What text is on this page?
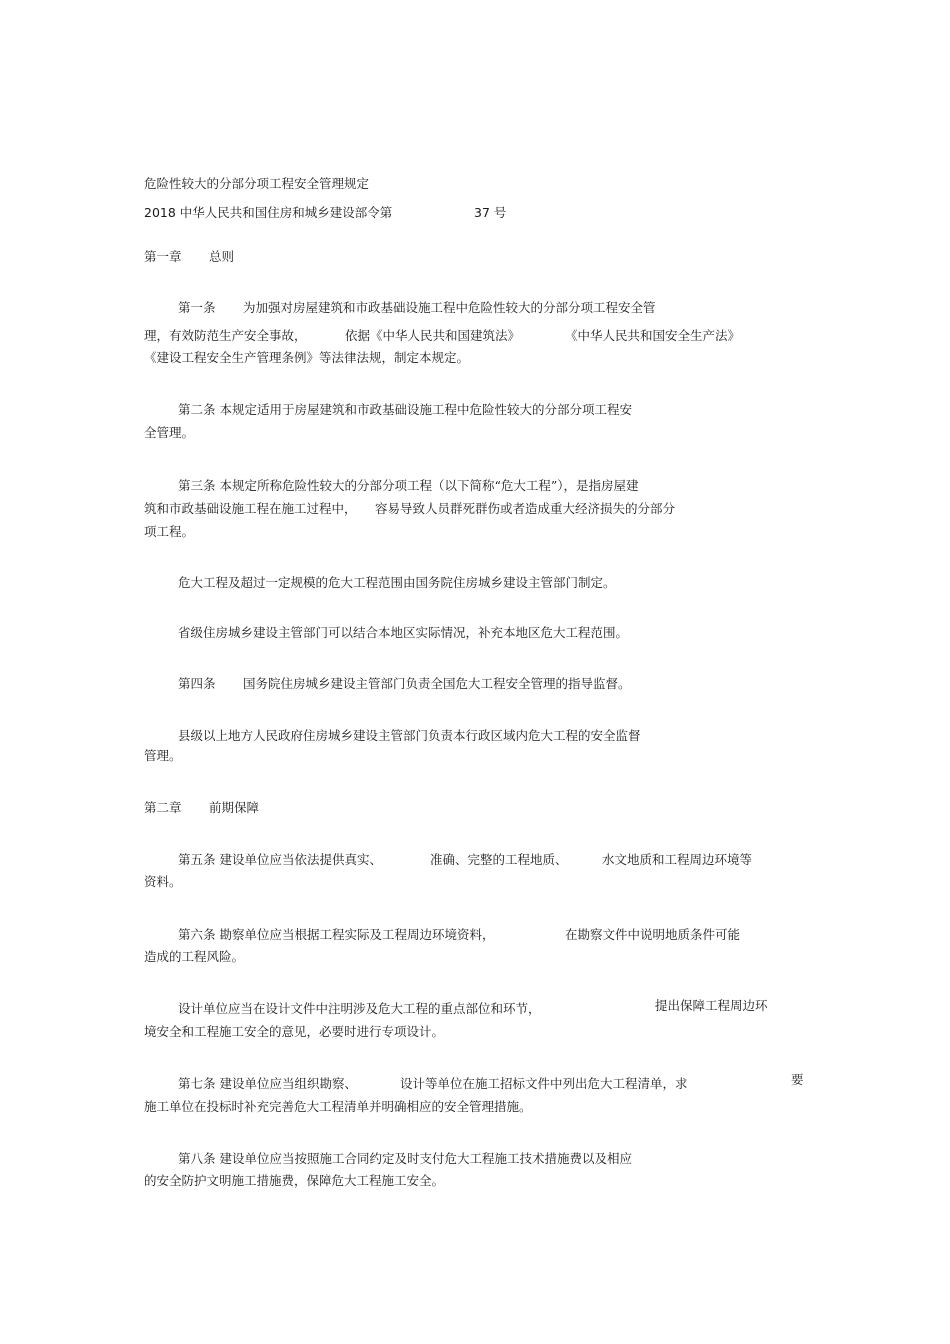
危险性较大的分部分项工程安全管理规定
2018 中华人民共和国住房和城乡建设部令第	37 号
第一章 总则
第一条 为加强对房屋建筑和市政基础设施工程中危险性较大的分部分项工程安全管
理，有效防范生产安全事故，	依据《中华人民共和国建筑法》	《中华人民共和国安全生产法》
《建设工程安全生产管理条例》等法律法规，制定本规定。
第二条 本规定适用于房屋建筑和市政基础设施工程中危险性较大的分部分项工程安
全管理。
第三条 本规定所称危险性较大的分部分项工程（以下简称“危大工程”），是指房屋建
筑和市政基础设施工程在施工过程中， 容易导致人员群死群伤或者造成重大经济损失的分部分
项工程。
危大工程及超过一定规模的危大工程范围由国务院住房城乡建设主管部门制定。
省级住房城乡建设主管部门可以结合本地区实际情况，补充本地区危大工程范围。
第四条 国务院住房城乡建设主管部门负责全国危大工程安全管理的指导监督。
县级以上地方人民政府住房城乡建设主管部门负责本行政区域内危大工程的安全监督
管理。
第二章 前期保障
第五条 建设单位应当依法提供真实、	准确、完整的工程地质、	水文地质和工程周边环境等
资料。
第六条 勘察单位应当根据工程实际及工程周边环境资料，	在勘察文件中说明地质条件可能
造成的工程风险。
设计单位应当在设计文件中注明涉及危大工程的重点部位和环节，	提出保障工程周边环
境安全和工程施工安全的意见，必要时进行专项设计。
第七条 建设单位应当组织勘察、	设计等单位在施工招标文件中列出危大工程清单，求	要
施工单位在投标时补充完善危大工程清单并明确相应的安全管理措施。
第八条 建设单位应当按照施工合同约定及时支付危大工程施工技术措施费以及相应
的安全防护文明施工措施费，保障危大工程施工安全。
